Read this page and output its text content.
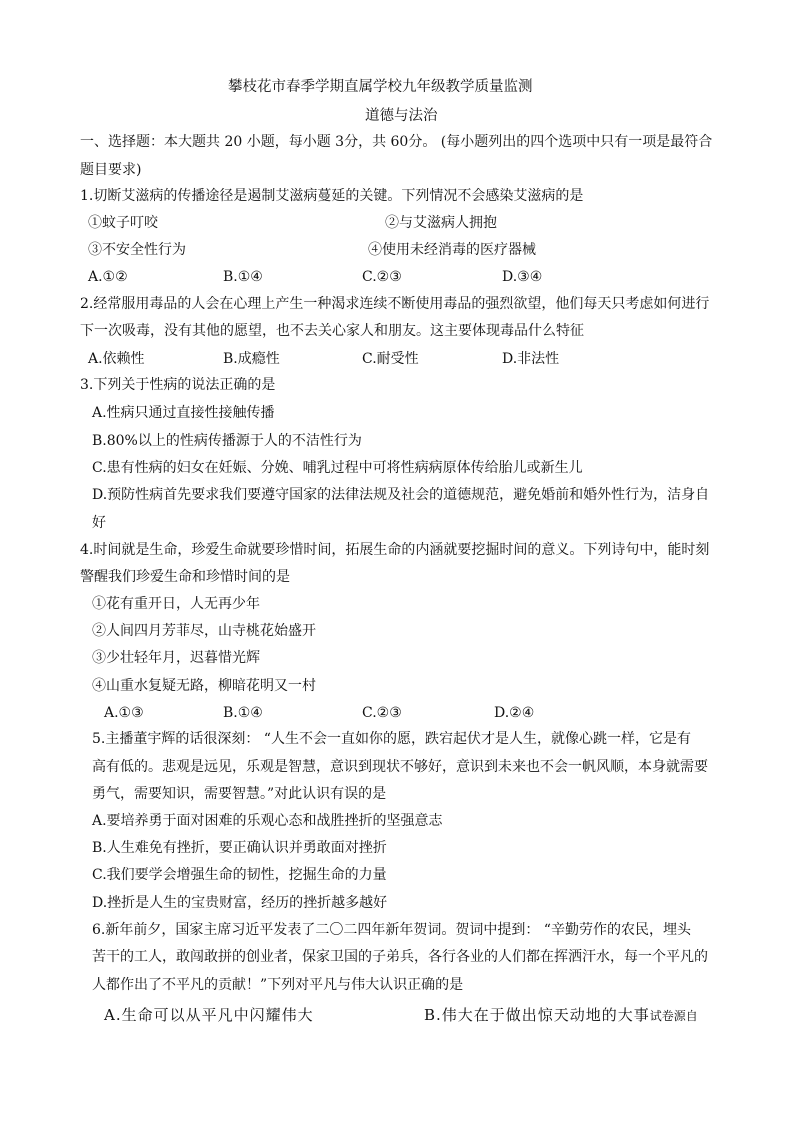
攀枝花市春季学期直属学校九年级教学质量监测
道德与法治
一、选择题：本大题共 20 小题，每小题 3分，共 60分。 (每小题列出的四个选项中只有一项是最符合
题目要求)
1.切断艾滋病的传播途径是遏制艾滋病蔓延的关键。下列情况不会感染艾滋病的是
①蚊子叮咬	②与艾滋病人拥抱
③不安全性行为	④使用未经消毒的医疗器械
A.①②	B.①④	C.②③	D.③④
2.经常服用毒品的人会在心理上产生一种渴求连续不断使用毒品的强烈欲望，他们每天只考虑如何进行
下一次吸毒，没有其他的愿望，也不去关心家人和朋友。这主要体现毒品什么特征
A.依赖性	B.成瘾性	C.耐受性	D.非法性
3.下列关于性病的说法正确的是
A.性病只通过直接性接触传播
B.80%以上的性病传播源于人的不洁性行为
C.患有性病的妇女在妊娠、分娩、哺乳过程中可将性病病原体传给胎儿或新生儿
D.预防性病首先要求我们要遵守国家的法律法规及社会的道德规范，避免婚前和婚外性行为，洁身自
好
4.时间就是生命，珍爱生命就要珍惜时间，拓展生命的内涵就要挖掘时间的意义。下列诗句中，能时刻
警醒我们珍爱生命和珍惜时间的是
①花有重开日，人无再少年
②人间四月芳菲尽，山寺桃花始盛开
③少壮轻年月，迟暮惜光辉
④山重水复疑无路，柳暗花明又一村
A.①③	B.①④	C.②③	D.②④
5.主播董宇辉的话很深刻： “人生不会一直如你的愿，跌宕起伏才是人生，就像心跳一样，它是有
高有低的。悲观是远见，乐观是智慧，意识到现状不够好，意识到未来也不会一帆风顺，本身就需要
勇气，需要知识，需要智慧。”对此认识有误的是
A.要培养勇于面对困难的乐观心态和战胜挫折的坚强意志
B.人生难免有挫折，要正确认识并勇敢面对挫折
C.我们要学会增强生命的韧性，挖掘生命的力量
D.挫折是人生的宝贵财富，经历的挫折越多越好
6.新年前夕，国家主席习近平发表了二〇二四年新年贺词。贺词中提到： “辛勤劳作的农民，埋头
苦干的工人，敢闯敢拼的创业者，保家卫国的子弟兵，各行各业的人们都在挥洒汗水，每一个平凡的
人都作出了不平凡的贡献！”下列对平凡与伟大认识正确的是
A.生命可以从平凡中闪耀伟大	B.伟大在于做出惊天动地的大事试卷源自
